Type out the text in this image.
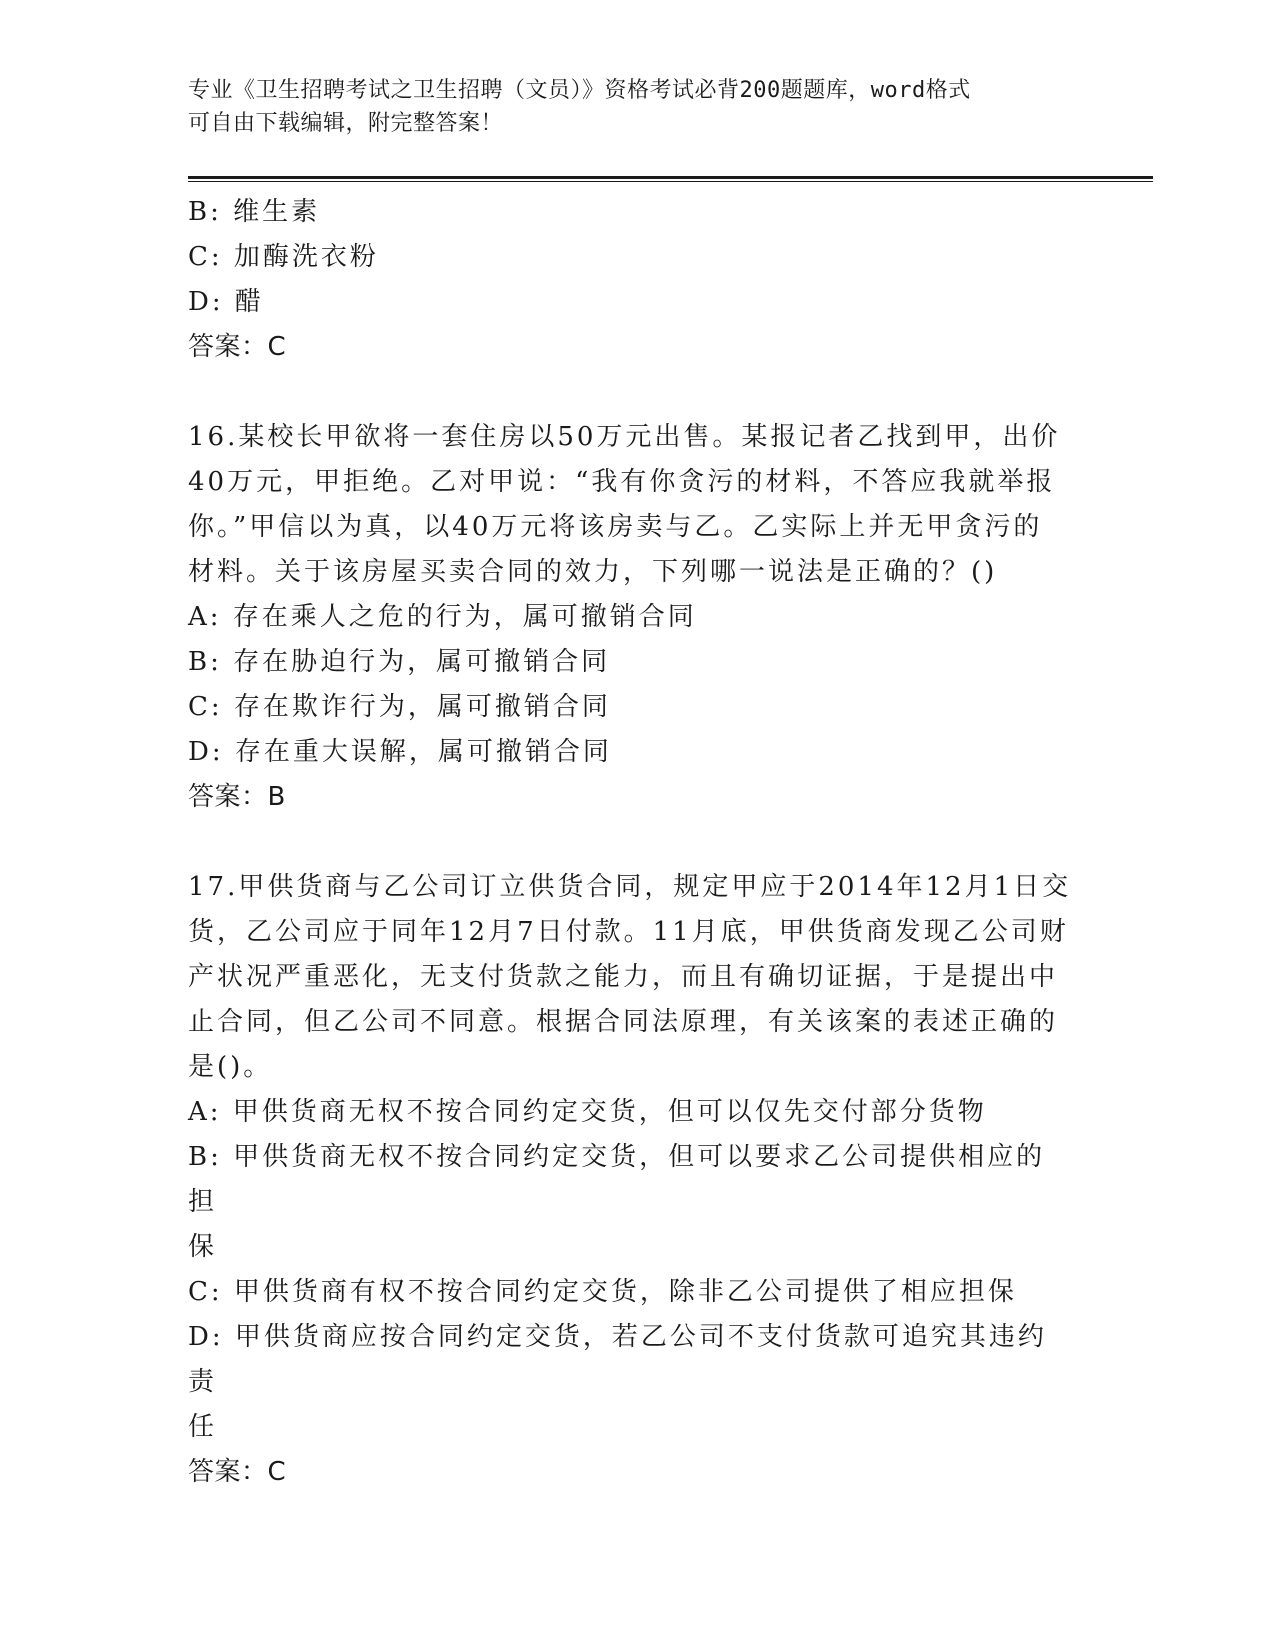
专业《卫生招聘考试之卫生招聘（文员）》资格考试必背200题题库，word格式
可自由下载编辑，附完整答案！

B: 维生素

C: 加酶洗衣粉

D: 醋

答案：C

16.某校长甲欲将一套住房以50万元出售。某报记者乙找到甲，出价

40万元，甲拒绝。乙对甲说：“我有你贪污的材料，不答应我就举报

你。”甲信以为真，以40万元将该房卖与乙。乙实际上并无甲贪污的

材料。关于该房屋买卖合同的效力，下列哪一说法是正确的？()

A: 存在乘人之危的行为，属可撤销合同

B: 存在胁迫行为，属可撤销合同

C: 存在欺诈行为，属可撤销合同

D: 存在重大误解，属可撤销合同

答案：B

17.甲供货商与乙公司订立供货合同，规定甲应于2014年12月1日交

货，乙公司应于同年12月7日付款。11月底，甲供货商发现乙公司财

产状况严重恶化，无支付货款之能力，而且有确切证据，于是提出中

止合同，但乙公司不同意。根据合同法原理，有关该案的表述正确的

是()。

A: 甲供货商无权不按合同约定交货，但可以仅先交付部分货物

B: 甲供货商无权不按合同约定交货，但可以要求乙公司提供相应的担

保

C: 甲供货商有权不按合同约定交货，除非乙公司提供了相应担保

D: 甲供货商应按合同约定交货，若乙公司不支付货款可追究其违约责

任

答案：C
